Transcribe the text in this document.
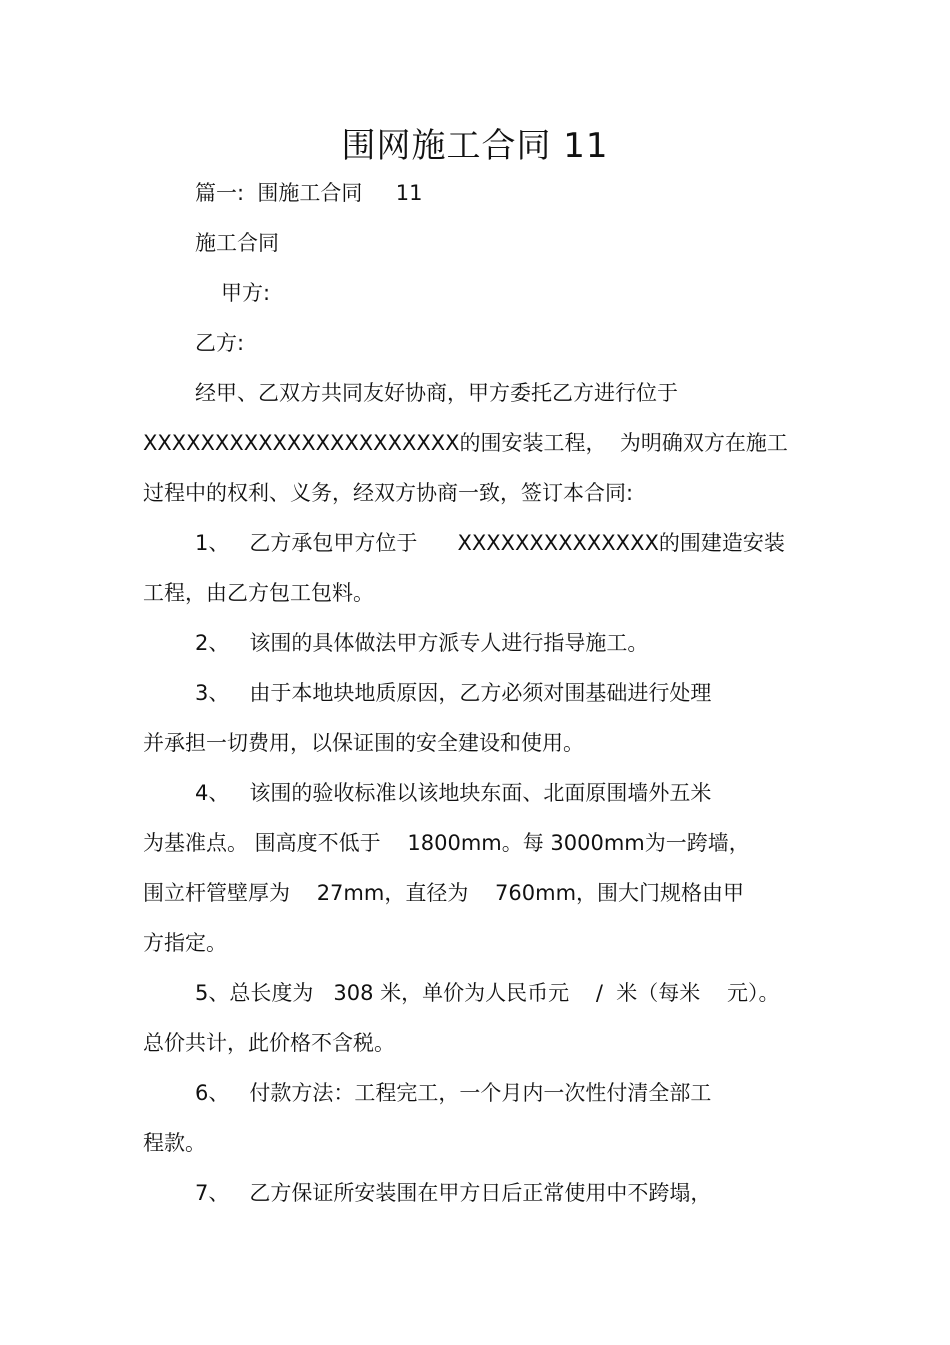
围网施工合同 11
篇一:  围施工合同     11
施工合同
甲方:
乙方:
经甲、乙双方共同友好协商，甲方委托乙方进行位于
XXXXXXXXXXXXXXXXXXXXXX的围安装工程，  为明确双方在施工
过程中的权利、义务，经双方协商一致，签订本合同:
1、   乙方承包甲方位于      XXXXXXXXXXXXXX的围建造安装
工程，由乙方包工包料。
2、   该围的具体做法甲方派专人进行指导施工。
3、   由于本地块地质原因，乙方必须对围基础进行处理
并承担一切费用，以保证围的安全建设和使用。
4、   该围的验收标准以该地块东面、北面原围墙外五米
为基准点。 围高度不低于    1800mm。每 3000mm为一跨墙，
围立杆管壁厚为    27mm，直径为    760mm，围大门规格由甲
方指定。
5、总长度为   308 米，单价为人民币元    /  米（每米    元）。
总价共计，此价格不含税。
6、   付款方法：工程完工，一个月内一次性付清全部工
程款。
7、   乙方保证所安装围在甲方日后正常使用中不跨塌，
